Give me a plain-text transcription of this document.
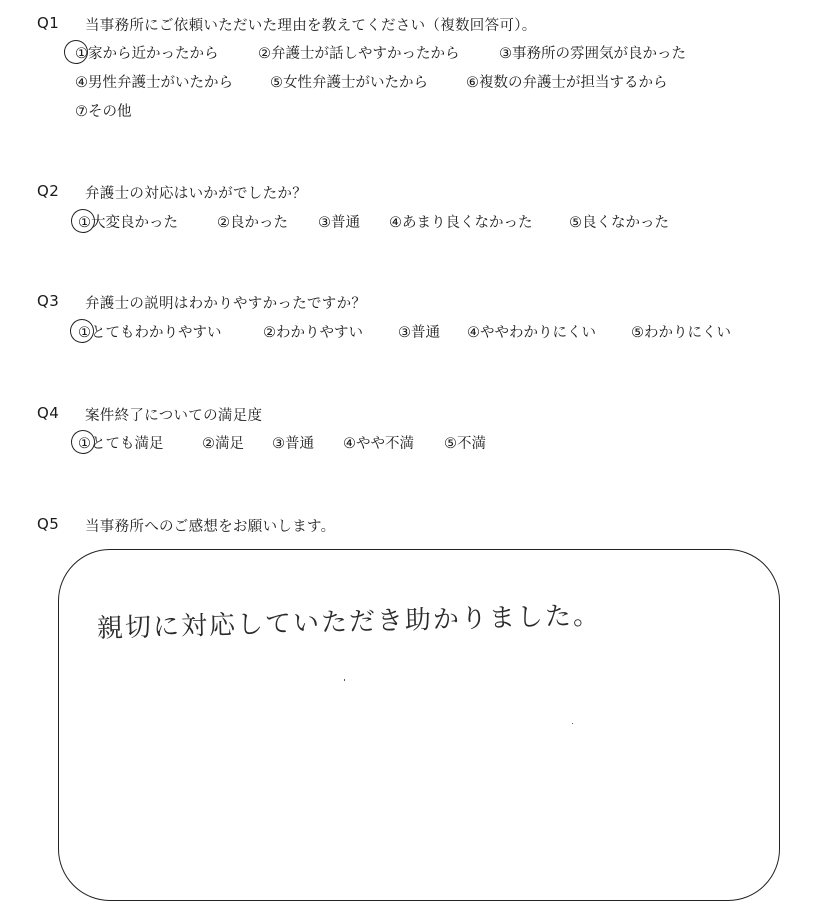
Q1 当事務所にご依頼いただいた理由を教えてください（複数回答可）。
①家から近かったから	②弁護士が話しやすかったから	③事務所の雰囲気が良かった
④男性弁護士がいたから	⑤女性弁護士がいたから	⑥複数の弁護士が担当するから
⑦その他
Q2 弁護士の対応はいかがでしたか？
①大変良かった	②良かった ③普通 ④あまり良くなかった	⑤良くなかった
Q3 弁護士の説明はわかりやすかったですか？
①とてもわかりやすい	②わかりやすい ③普通 ④ややわかりにくい ⑤わかりにくい
Q4 案件終了についての満足度
①とても満足	②満足 ③普通 ④やや不満 ⑤不満
Q5 当事務所へのご感想をお願いします。
親切に対応していただき助かりました。
